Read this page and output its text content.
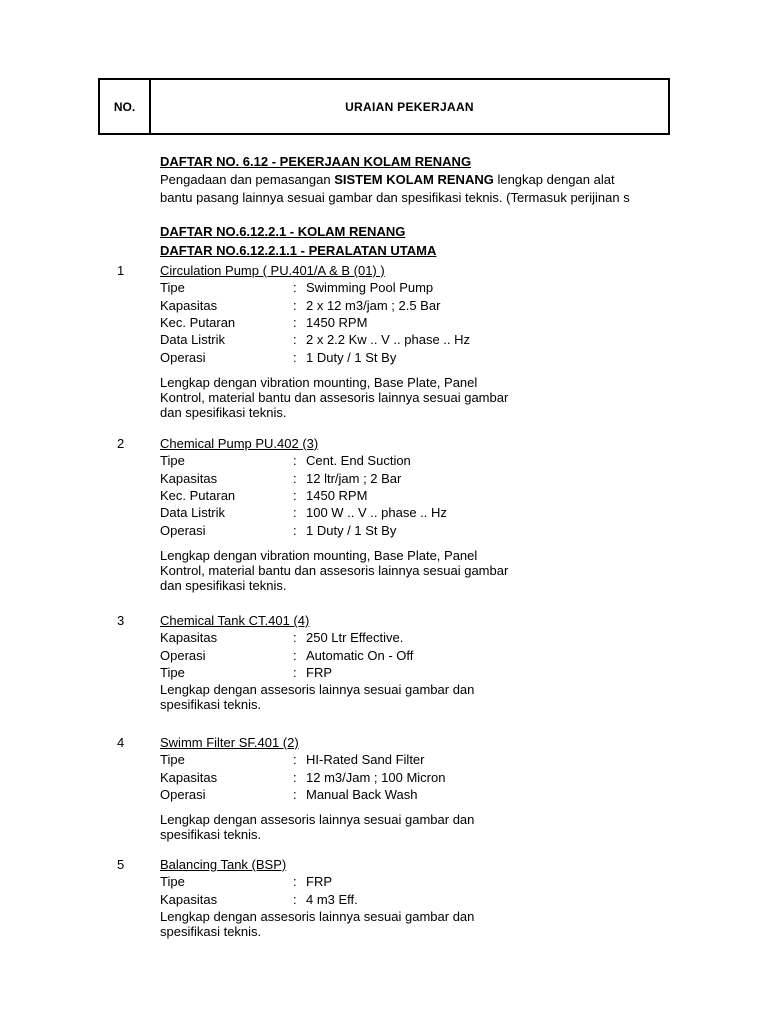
NO.	URAIAN PEKERJAAN
DAFTAR NO. 6.12 - PEKERJAAN KOLAM RENANG
Pengadaan dan pemasangan SISTEM KOLAM RENANG lengkap dengan alat
bantu pasang lainnya sesuai gambar dan spesifikasi teknis. (Termasuk perijinan s
DAFTAR NO.6.12.2.1 - KOLAM RENANG
DAFTAR NO.6.12.2.1.1 - PERALATAN UTAMA
1	Circulation Pump ( PU.401/A & B (01) )
Tipe	: Swimming Pool Pump
Kapasitas	: 2 x 12 m3/jam ; 2.5 Bar
Kec. Putaran	: 1450 RPM
Data Listrik	: 2 x 2.2 Kw .. V .. phase .. Hz
Operasi	: 1 Duty / 1 St By
Lengkap dengan vibration mounting, Base Plate, Panel
Kontrol, material bantu dan assesoris lainnya sesuai gambar
dan spesifikasi teknis.
2	Chemical Pump PU.402 (3)
Tipe	: Cent. End Suction
Kapasitas	: 12 ltr/jam ; 2 Bar
Kec. Putaran	: 1450 RPM
Data Listrik	: 100 W .. V .. phase .. Hz
Operasi	: 1 Duty / 1 St By
Lengkap dengan vibration mounting, Base Plate, Panel
Kontrol, material bantu dan assesoris lainnya sesuai gambar
dan spesifikasi teknis.
3	Chemical Tank CT.401 (4)
Kapasitas	: 250 Ltr Effective.
Operasi	: Automatic On - Off
Tipe	: FRP
Lengkap dengan assesoris lainnya sesuai gambar dan
spesifikasi teknis.
4	Swimm Filter SF.401 (2)
Tipe	: HI-Rated Sand Filter
Kapasitas	: 12 m3/Jam ; 100 Micron
Operasi	: Manual Back Wash
Lengkap dengan assesoris lainnya sesuai gambar dan
spesifikasi teknis.
5	Balancing Tank (BSP)
Tipe	: FRP
Kapasitas	: 4 m3 Eff.
Lengkap dengan assesoris lainnya sesuai gambar dan
spesifikasi teknis.
